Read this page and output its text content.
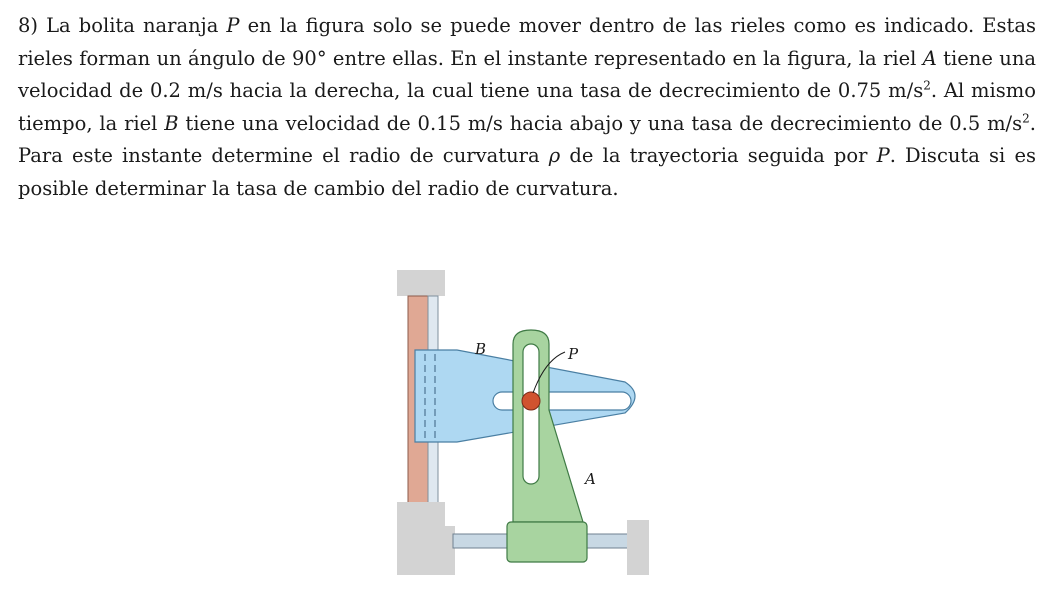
8) La bolita naranja P en la figura solo se puede mover dentro de las rieles como es indicado. Estas rieles forman un ángulo de 90° entre ellas. En el instante representado en la figura, la riel A tiene una velocidad de 0.2 m/s hacia la derecha, la cual tiene una tasa de decrecimiento de 0.75 $m/s^2$. Al mismo tiempo, la riel B tiene una velocidad de 0.15 m/s hacia abajo y una tasa de decrecimiento de 0.5 $m/s^2$. Para este instante determine el radio de curvatura ρ de la trayectoria seguida por P. Discuta si es posible determinar la tasa de cambio del radio de curvatura.

B	P
A
